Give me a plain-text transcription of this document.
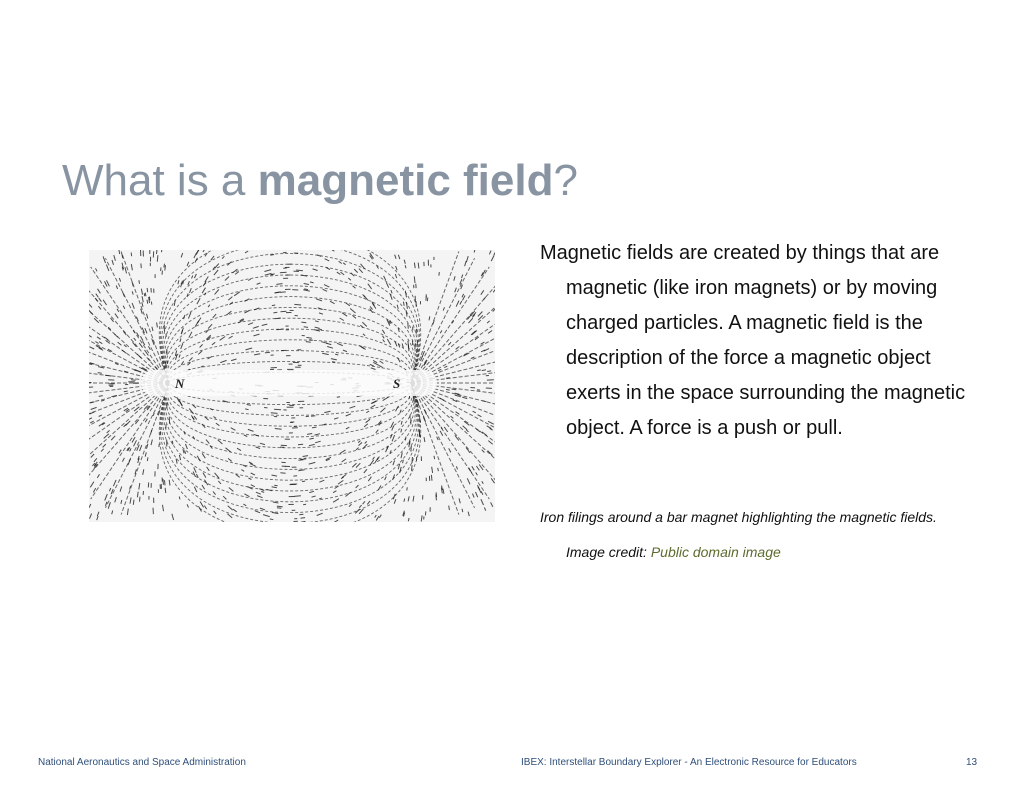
What is a magnetic field?
N	S
Magnetic fields are created by things that are magnetic (like iron magnets) or by moving charged particles. A magnetic field is the description of the force a magnetic object exerts in the space surrounding the magnetic object. A force is a push or pull.
Iron filings around a bar magnet highlighting the magnetic fields. Image credit: Public domain image
National Aeronautics and Space Administration	IBEX: Interstellar Boundary Explorer - An Electronic Resource for Educators	13
